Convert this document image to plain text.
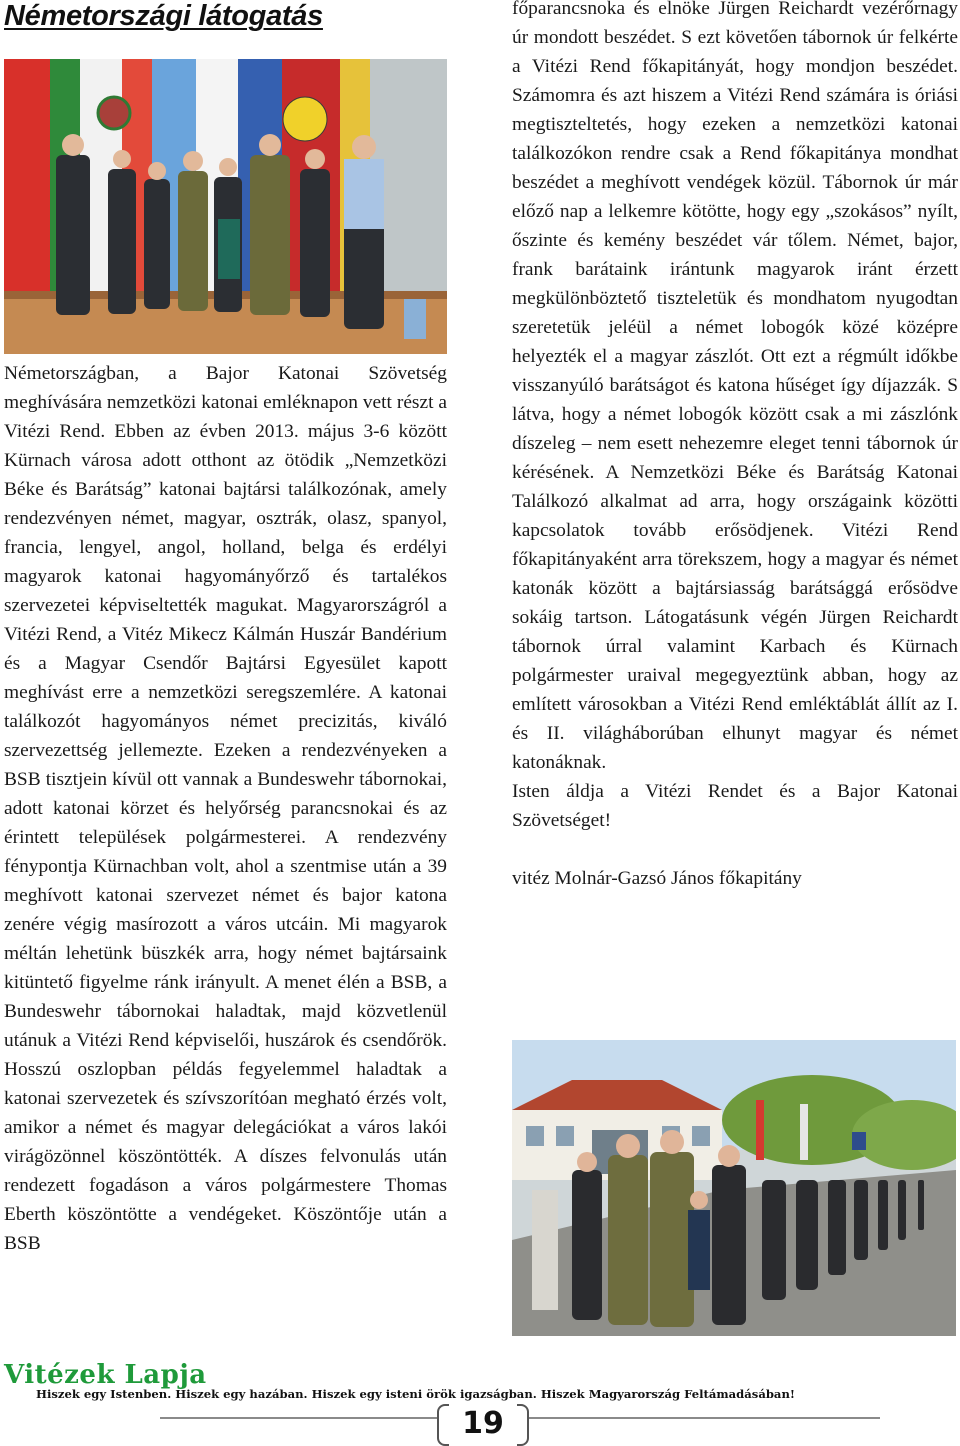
Németországi látogatás

Németországban, a Bajor Katonai Szövetség meghívására nemzetközi katonai emléknapon vett részt a Vitézi Rend. Ebben az évben 2013. május 3-6 között Kürnach városa adott otthont az ötödik „Nemzetközi Béke és Barátság” katonai bajtársi találkozónak, amely rendezvényen német, magyar, osztrák, olasz, spanyol, francia, lengyel, angol, holland, belga és erdélyi magyarok katonai hagyományőrző és tartalékos szervezetei képviseltették magukat. Magyarországról a Vitézi Rend, a Vitéz Mikecz Kálmán Huszár Bandérium és a Magyar Csendőr Bajtársi Egyesület kapott meghívást erre a nemzetközi seregszemlére. A katonai találkozót hagyományos német precizitás, kiváló szervezettség jellemezte. Ezeken a rendezvényeken a BSB tisztjein kívül ott vannak a Bundeswehr tábornokai, adott katonai körzet és helyőrség parancsnokai és az érintett települések polgármesterei. A rendezvény fénypontja Kürnachban volt, ahol a szentmise után a 39 meghívott katonai szervezet német és bajor katona zenére végig masírozott a város utcáin. Mi magyarok méltán lehetünk büszkék arra, hogy német bajtársaink kitüntető figyelme ránk irányult. A menet élén a BSB, a Bundeswehr tábornokai haladtak, majd közvetlenül utánuk a Vitézi Rend képviselői, huszárok és csendőrök. Hosszú oszlopban példás fegyelemmel haladtak a katonai szervezetek és szívszorítóan megható érzés volt, amikor a német és magyar delegációkat a város lakói virágözönnel köszöntötték. A díszes felvonulás után rendezett fogadáson a város polgármestere Thomas Eberth köszöntötte a vendégeket. Köszöntője után a BSB

főparancsnoka és elnöke Jürgen Reichardt vezérőrnagy úr mondott beszédet. S ezt követően tábornok úr felkérte a Vitézi Rend főkapitányát, hogy mondjon beszédet. Számomra és azt hiszem a Vitézi Rend számára is óriási megtiszteltetés, hogy ezeken a nemzetközi katonai találkozókon rendre csak a Rend főkapitánya mondhat beszédet a meghívott vendégek közül. Tábornok úr már előző nap a lelkemre kötötte, hogy egy „szokásos” nyílt, őszinte és kemény beszédet vár tőlem. Német, bajor, frank barátaink irántunk magyarok iránt érzett megkülönböztető tiszteletük és mondhatom nyugodtan szeretetük jeléül a német lobogók közé középre helyezték el a magyar zászlót. Ott ezt a régmúlt időkbe visszanyúló barátságot és katona hűséget így díjazzák. S látva, hogy a német lobogók között csak a mi zászlónk díszeleg – nem esett nehezemre eleget tenni tábornok úr kérésének. A Nemzetközi Béke és Barátság Katonai Találkozó alkalmat ad arra, hogy országaink közötti kapcsolatok tovább erősödjenek. Vitézi Rend főkapitányaként arra törekszem, hogy a magyar és német katonák között a bajtársiasság barátsággá erősödve sokáig tartson. Látogatásunk végén Jürgen Reichardt tábornok úrral valamint Karbach és Kürnach polgármester uraival megegyeztünk abban, hogy az említett városokban a Vitézi Rend emléktáblát állít az I. és II. világháborúban elhunyt magyar és német katonáknak.

Isten áldja a Vitézi Rendet és a Bajor Katonai Szövetséget!

vitéz Molnár-Gazsó János főkapitány

Vitézek Lapja
Hiszek egy Istenben. Hiszek egy hazában. Hiszek egy isteni örök igazságban. Hiszek Magyarország Feltámadásában!
19
